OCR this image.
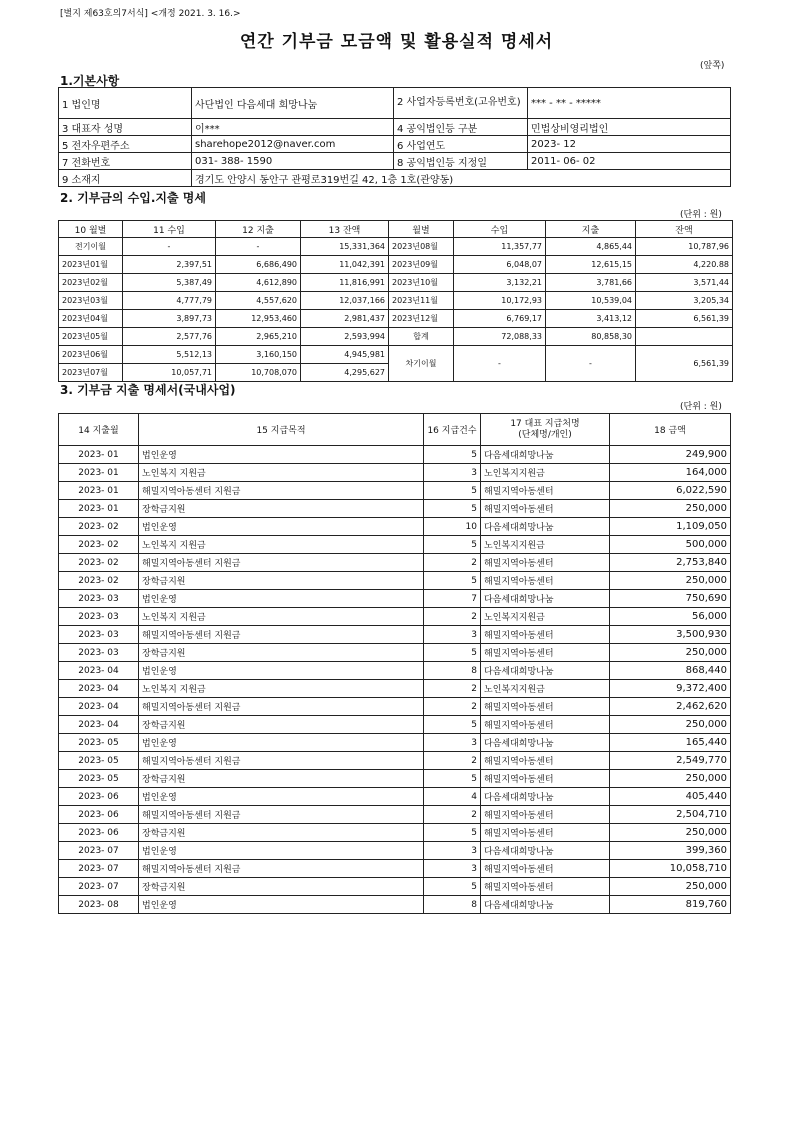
[별지 제63호의7서식] <개정 2021. 3. 16.>
연간 기부금 모금액 및 활용실적 명세서
(앞쪽)
1.기본사항
1 법인명	사단법인 다음세대 희망나눔	2 사업자등록번호(고유번호)	*** - ** - *****
3 대표자 성명	이***	4 공익법인등 구분	민법상비영리법인
5 전자우편주소	sharehope2012@naver.com	6 사업연도	2023- 12
7 전화번호	031- 388- 1590	8 공익법인등 지정일	2011- 06- 02
9 소재지	경기도 안양시 동안구 관평로319번길 42, 1층 1호(관양동)		
2. 기부금의 수입.지출 명세
(단위 : 원)
10 월별	11 수입	12 지출	13 잔액	월별	수입	지출	잔액
전기이월	-	-	15,331,364	2023년08월	11,357,77	4,865,44	10,787,96
2023년01월	2,397,51	6,686,490	11,042,391	2023년09월	6,048,07	12,615,15	4,220.88
2023년02월	5,387,49	4,612,890	11,816,991	2023년10월	3,132,21	3,781,66	3,571,44
2023년03월	4,777,79	4,557,620	12,037,166	2023년11월	10,172,93	10,539,04	3,205,34
2023년04월	3,897,73	12,953,460	2,981,437	2023년12월	6,769,17	3,413,12	6,561,39
2023년05월	2,577,76	2,965,210	2,593,994	합계	72,088,33	80,858,30	
2023년06월	5,512,13	3,160,150	4,945,981	차기이월	-	-	6,561,39
2023년07월	10,057,71	10,708,070	4,295,627				
3. 기부금 지출 명세서(국내사업)
(단위 : 원)
14 지출월	15 지급목적	16 지급건수	17 대표 지급처명
(단체명/개인)	18 금액
2023- 01	법인운영	5	다음세대희망나눔	249,900
2023- 01	노인복지 지원금	3	노인복지지원금	164,000
2023- 01	해밀지역아동센터 지원금	5	해밀지역아동센터	6,022,590
2023- 01	장학금지원	5	해밀지역아동센터	250,000
2023- 02	법인운영	10	다음세대희망나눔	1,109,050
2023- 02	노인복지 지원금	5	노인복지지원금	500,000
2023- 02	해밀지역아동센터 지원금	2	해밀지역아동센터	2,753,840
2023- 02	장학금지원	5	해밀지역아동센터	250,000
2023- 03	법인운영	7	다음세대희망나눔	750,690
2023- 03	노인복지 지원금	2	노인복지지원금	56,000
2023- 03	해밀지역아동센터 지원금	3	해밀지역아동센터	3,500,930
2023- 03	장학금지원	5	해밀지역아동센터	250,000
2023- 04	법인운영	8	다음세대희망나눔	868,440
2023- 04	노인복지 지원금	2	노인복지지원금	9,372,400
2023- 04	해밀지역아동센터 지원금	2	해밀지역아동센터	2,462,620
2023- 04	장학금지원	5	해밀지역아동센터	250,000
2023- 05	법인운영	3	다음세대희망나눔	165,440
2023- 05	해밀지역아동센터 지원금	2	해밀지역아동센터	2,549,770
2023- 05	장학금지원	5	해밀지역아동센터	250,000
2023- 06	법인운영	4	다음세대희망나눔	405,440
2023- 06	해밀지역아동센터 지원금	2	해밀지역아동센터	2,504,710
2023- 06	장학금지원	5	해밀지역아동센터	250,000
2023- 07	법인운영	3	다음세대희망나눔	399,360
2023- 07	해밀지역아동센터 지원금	3	해밀지역아동센터	10,058,710
2023- 07	장학금지원	5	해밀지역아동센터	250,000
2023- 08	법인운영	8	다음세대희망나눔	819,760
